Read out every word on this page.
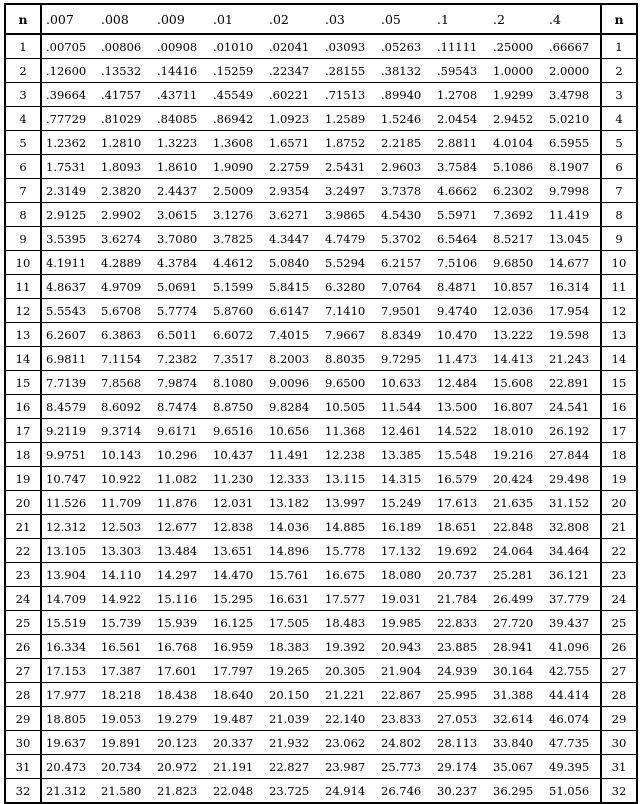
n	.007	.008	.009	.01	.02	.03	.05	.1	.2	.4	n
1	.00705	.00806	.00908	.01010	.02041	.03093	.05263	.11111	.25000	.66667	1
2	.12600	.13532	.14416	.15259	.22347	.28155	.38132	.59543	1.0000	2.0000	2
3	.39664	.41757	.43711	.45549	.60221	.71513	.89940	1.2708	1.9299	3.4798	3
4	.77729	.81029	.84085	.86942	1.0923	1.2589	1.5246	2.0454	2.9452	5.0210	4
5	1.2362	1.2810	1.3223	1.3608	1.6571	1.8752	2.2185	2.8811	4.0104	6.5955	5
6	1.7531	1.8093	1.8610	1.9090	2.2759	2.5431	2.9603	3.7584	5.1086	8.1907	6
7	2.3149	2.3820	2.4437	2.5009	2.9354	3.2497	3.7378	4.6662	6.2302	9.7998	7
8	2.9125	2.9902	3.0615	3.1276	3.6271	3.9865	4.5430	5.5971	7.3692	11.419	8
9	3.5395	3.6274	3.7080	3.7825	4.3447	4.7479	5.3702	6.5464	8.5217	13.045	9
10	4.1911	4.2889	4.3784	4.4612	5.0840	5.5294	6.2157	7.5106	9.6850	14.677	10
11	4.8637	4.9709	5.0691	5.1599	5.8415	6.3280	7.0764	8.4871	10.857	16.314	11
12	5.5543	5.6708	5.7774	5.8760	6.6147	7.1410	7.9501	9.4740	12.036	17.954	12
13	6.2607	6.3863	6.5011	6.6072	7.4015	7.9667	8.8349	10.470	13.222	19.598	13
14	6.9811	7.1154	7.2382	7.3517	8.2003	8.8035	9.7295	11.473	14.413	21.243	14
15	7.7139	7.8568	7.9874	8.1080	9.0096	9.6500	10.633	12.484	15.608	22.891	15
16	8.4579	8.6092	8.7474	8.8750	9.8284	10.505	11.544	13.500	16.807	24.541	16
17	9.2119	9.3714	9.6171	9.6516	10.656	11.368	12.461	14.522	18.010	26.192	17
18	9.9751	10.143	10.296	10.437	11.491	12.238	13.385	15.548	19.216	27.844	18
19	10.747	10.922	11.082	11.230	12.333	13.115	14.315	16.579	20.424	29.498	19
20	11.526	11.709	11.876	12.031	13.182	13.997	15.249	17.613	21.635	31.152	20
21	12.312	12.503	12.677	12.838	14.036	14.885	16.189	18.651	22.848	32.808	21
22	13.105	13.303	13.484	13.651	14.896	15.778	17.132	19.692	24.064	34.464	22
23	13.904	14.110	14.297	14.470	15.761	16.675	18.080	20.737	25.281	36.121	23
24	14.709	14.922	15.116	15.295	16.631	17.577	19.031	21.784	26.499	37.779	24
25	15.519	15.739	15.939	16.125	17.505	18.483	19.985	22.833	27.720	39.437	25
26	16.334	16.561	16.768	16.959	18.383	19.392	20.943	23.885	28.941	41.096	26
27	17.153	17.387	17.601	17.797	19.265	20.305	21.904	24.939	30.164	42.755	27
28	17.977	18.218	18.438	18.640	20.150	21.221	22.867	25.995	31.388	44.414	28
29	18.805	19.053	19.279	19.487	21.039	22.140	23.833	27.053	32.614	46.074	29
30	19.637	19.891	20.123	20.337	21.932	23.062	24.802	28.113	33.840	47.735	30
31	20.473	20.734	20.972	21.191	22.827	23.987	25.773	29.174	35.067	49.395	31
32	21.312	21.580	21.823	22.048	23.725	24.914	26.746	30.237	36.295	51.056	32
